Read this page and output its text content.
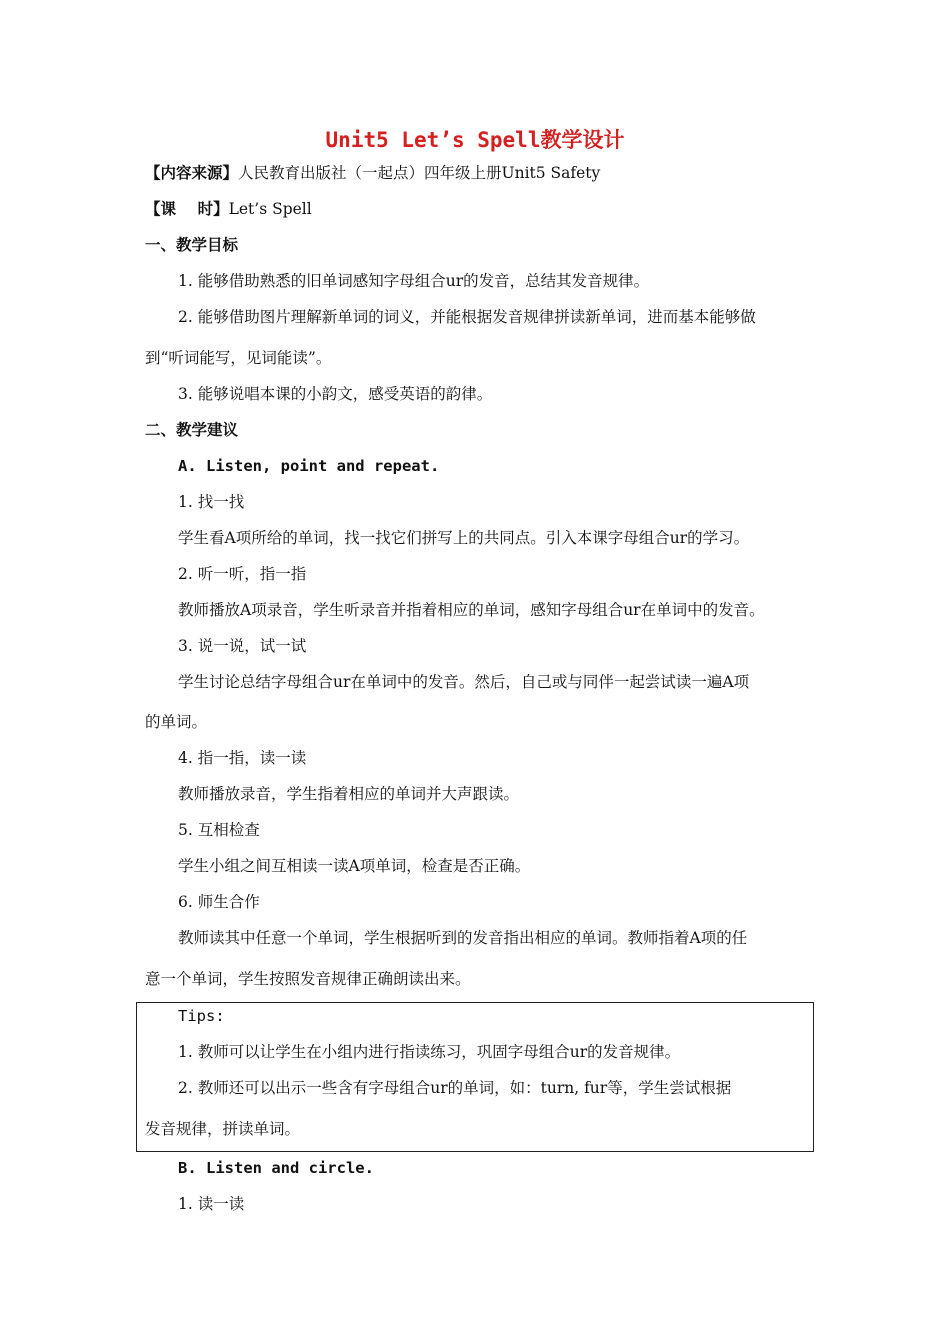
Unit5 Let’s Spell教学设计
【内容来源】人民教育出版社（一起点）四年级上册Unit5 Safety
【课    时】Let’s Spell
一、教学目标
1. 能够借助熟悉的旧单词感知字母组合ur的发音，总结其发音规律。
2. 能够借助图片理解新单词的词义，并能根据发音规律拼读新单词，进而基本能够做
到“听词能写，见词能读”。
3. 能够说唱本课的小韵文，感受英语的韵律。
二、教学建议
A. Listen, point and repeat.
1. 找一找
学生看A项所给的单词，找一找它们拼写上的共同点。引入本课字母组合ur的学习。
2. 听一听，指一指
教师播放A项录音，学生听录音并指着相应的单词，感知字母组合ur在单词中的发音。
3. 说一说，试一试
学生讨论总结字母组合ur在单词中的发音。然后，自己或与同伴一起尝试读一遍A项
的单词。
4. 指一指，读一读
教师播放录音，学生指着相应的单词并大声跟读。
5. 互相检查
学生小组之间互相读一读A项单词，检查是否正确。
6. 师生合作
教师读其中任意一个单词，学生根据听到的发音指出相应的单词。教师指着A项的任
意一个单词，学生按照发音规律正确朗读出来。
Tips:
1. 教师可以让学生在小组内进行指读练习，巩固字母组合ur的发音规律。
2. 教师还可以出示一些含有字母组合ur的单词，如：turn, fur等，学生尝试根据
发音规律，拼读单词。
B. Listen and circle.
1. 读一读
